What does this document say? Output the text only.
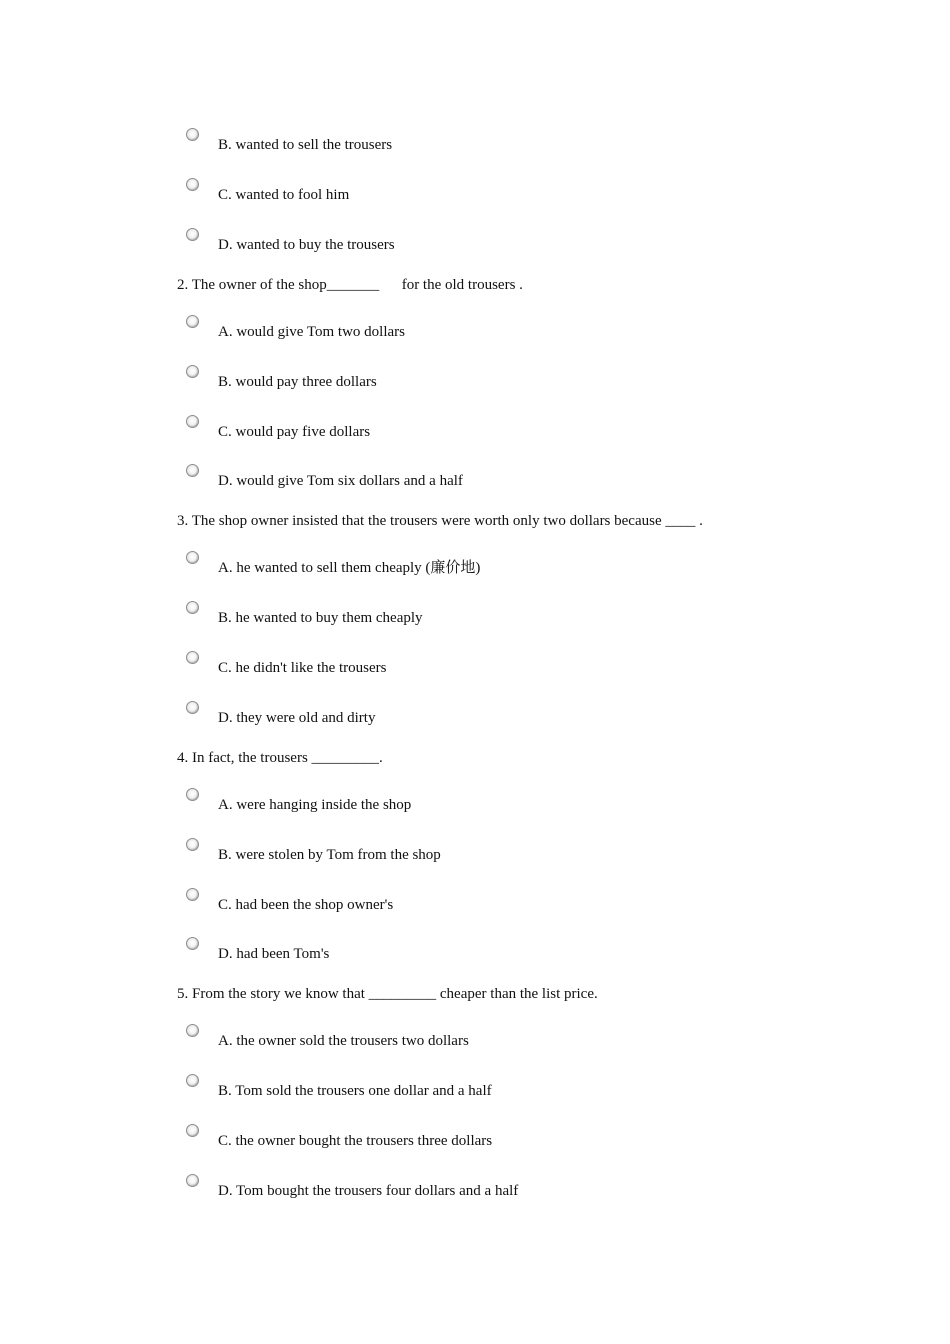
B. wanted to sell the trousers
C. wanted to fool him
D. wanted to buy the trousers
2. The owner of the shop_______      for the old trousers .
A. would give Tom two dollars
B. would pay three dollars
C. would pay five dollars
D. would give Tom six dollars and a half
3. The shop owner insisted that the trousers were worth only two dollars because ____ .
A. he wanted to sell them cheaply (廉价地)
B. he wanted to buy them cheaply
C. he didn't like the trousers
D. they were old and dirty
4. In fact, the trousers _________.
A. were hanging inside the shop
B. were stolen by Tom from the shop
C. had been the shop owner's
D. had been Tom's
5. From the story we know that _________ cheaper than the list price.
A. the owner sold the trousers two dollars
B. Tom sold the trousers one dollar and a half
C. the owner bought the trousers three dollars
D. Tom bought the trousers four dollars and a half
